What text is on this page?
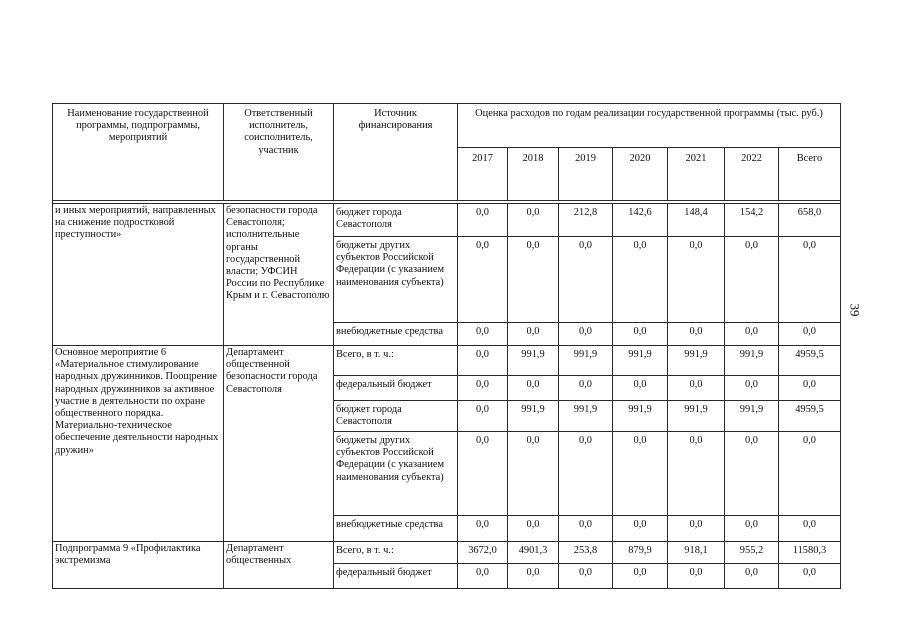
Наименование государственной программы, подпрограммы, мероприятий	Ответственный исполнитель, соисполнитель, участник	Источник финансирования	Оценка расходов по годам реализации государственной программы (тыс. руб.)						
			2017	2018	2019	2020	2021	2022	Всего

и иных мероприятий, направленных на снижение подростковой преступности»	безопасности города Севастополя; исполнительные органы государственной власти; УФСИН России по Республике Крым и г. Севастополю	бюджет города Севастополя	0,0	0,0	212,8	142,6	148,4	154,2	658,0
		бюджеты других субъектов Российской Федерации (с указанием наименования субъекта)	0,0	0,0	0,0	0,0	0,0	0,0	0,0
		внебюджетные средства	0,0	0,0	0,0	0,0	0,0	0,0	0,0
Основное мероприятие 6 «Материальное стимулирование народных дружинников. Поощрение народных дружинников за активное участие в деятельности по охране общественного порядка. Материально-техническое обеспечение деятельности народных дружин»	Департамент общественной безопасности города Севастополя	Всего, в т. ч.:	0,0	991,9	991,9	991,9	991,9	991,9	4959,5
		федеральный бюджет	0,0	0,0	0,0	0,0	0,0	0,0	0,0
		бюджет города Севастополя	0,0	991,9	991,9	991,9	991,9	991,9	4959,5
		бюджеты других субъектов Российской Федерации (с указанием наименования субъекта)	0,0	0,0	0,0	0,0	0,0	0,0	0,0
		внебюджетные средства	0,0	0,0	0,0	0,0	0,0	0,0	0,0
Подпрограмма 9 «Профилактика экстремизма	Департамент общественных	Всего, в т. ч.:	3672,0	4901,3	253,8	879,9	918,1	955,2	11580,3
		федеральный бюджет	0,0	0,0	0,0	0,0	0,0	0,0	0,0
39
